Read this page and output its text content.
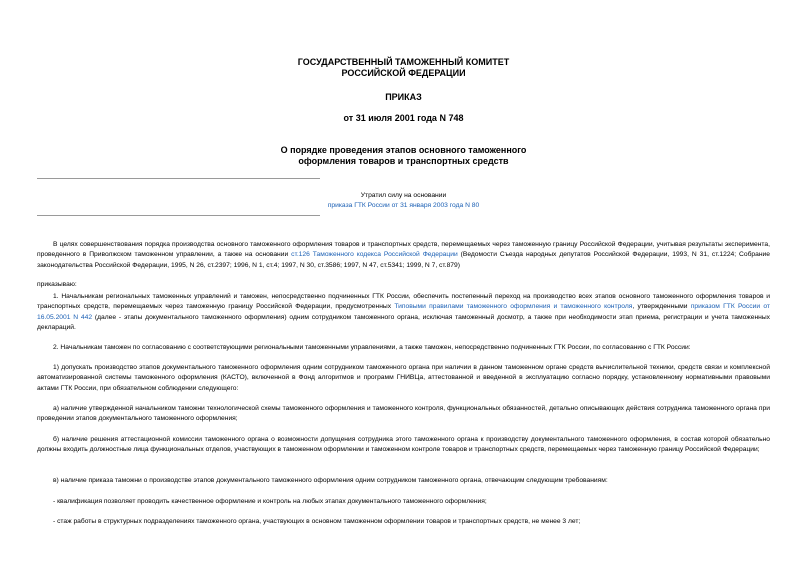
ГОСУДАРСТВЕННЫЙ ТАМОЖЕННЫЙ КОМИТЕТ
РОССИЙСКОЙ ФЕДЕРАЦИИ
ПРИКАЗ
от 31 июля 2001 года N 748
О порядке проведения этапов основного таможенного
оформления товаров и транспортных средств
Утратил силу на основании
приказа ГТК России от 31 января 2003 года N 80
В целях совершенствования порядка производства основного таможенного оформления товаров и транспортных средств, перемещаемых через таможенную границу Российской Федерации, учитывая результаты эксперимента, проведенного в Приволжском таможенном управлении, а также на основании ст.126 Таможенного кодекса Российской Федерации (Ведомости Съезда народных депутатов Российской Федерации, 1993, N 31, ст.1224; Собрание законодательства Российской Федерации, 1995, N 26, ст.2397; 1996, N 1, ст.4; 1997, N 30, ст.3586; 1997, N 47, ст.5341; 1999, N 7, ст.879)
приказываю:
1. Начальникам региональных таможенных управлений и таможен, непосредственно подчиненных ГТК России, обеспечить постепенный переход на производство всех этапов основного таможенного оформления товаров и транспортных средств, перемещаемых через таможенную границу Российской Федерации, предусмотренных Типовыми правилами таможенного оформления и таможенного контроля, утвержденными приказом ГТК России от 16.05.2001 N 442 (далее - этапы документального таможенного оформления) одним сотрудником таможенного органа, исключая таможенный досмотр, а также при необходимости этап приема, регистрации и учета таможенных деклараций.
2. Начальникам таможен по согласованию с соответствующими региональными таможенными управлениями, а также таможен, непосредственно подчиненных ГТК России, по согласованию с ГТК России:
1) допускать производство этапов документального таможенного оформления одним сотрудником таможенного органа при наличии в данном таможенном органе средств вычислительной техники, средств связи и комплексной автоматизированной системы таможенного оформления (КАСТО), включенной в Фонд алгоритмов и программ ГНИВЦа, аттестованной и введенной в эксплуатацию согласно порядку, установленному нормативными правовыми актами ГТК России, при обязательном соблюдении следующего:
а) наличие утвержденной начальником таможни технологической схемы таможенного оформления и таможенного контроля, функциональных обязанностей, детально описывающих действия сотрудника таможенного органа при проведении этапов документального таможенного оформления;
б) наличие решения аттестационной комиссии таможенного органа о возможности допущения сотрудника этого таможенного органа к производству документального таможенного оформления, в состав которой обязательно должны входить должностные лица функциональных отделов, участвующих в таможенном оформлении и таможенном контроле товаров и транспортных средств, перемещаемых через таможенную границу Российской Федерации;
в) наличие приказа таможни о производстве этапов документального таможенного оформления одним сотрудником таможенного органа, отвечающим следующим требованиям:
- квалификация позволяет проводить качественное оформление и контроль на любых этапах документального таможенного оформления;
- стаж работы в структурных подразделениях таможенного органа, участвующих в основном таможенном оформлении товаров и транспортных средств, не менее 3 лет;
